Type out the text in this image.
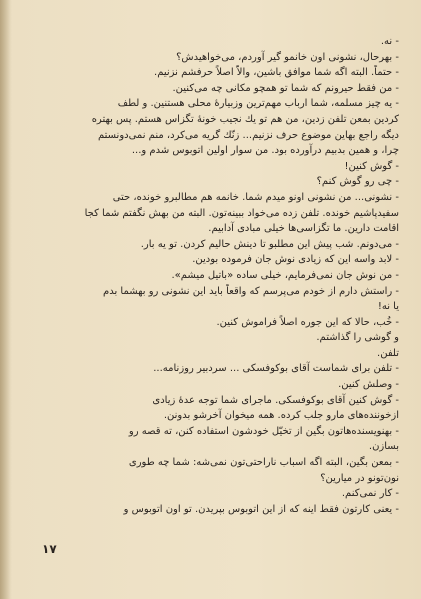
- نه.
- بهرحال، نشونی اون خانمو گیر آوردم، می‌خواهیدش؟
- حتماً. البته اگه شما موافق باشین، والاّ اصلاً حرفشم نزنیم.
- من فقط حیرونم که شما تو همچو مکانی چه می‌کنین.
- یه چیز مسلمه، شما ارباب مهم‌ترین وزبیارهٔ محلی هستنین. و لطف
کردین بمعن تلفن زدین، من هم تو یك نجیب خونهٔ تگزاس هستم. پس بهتره
دیگه راجع بهاین موضوع حرف نزنیم... زنّك گریه می‌کرد، منم نمی‌دونستم
چرا، و همین بدبیم درآورده بود. من سوار اولین اتوبوس شدم و...
- گوش کنین!
- چی رو گوش کنم؟
- نشونی... من نشونی اونو میدم شما. خانمه هم مطالبرو خونده، حتی
سفیدپاشیم خونده. تلفن زده می‌خواد ببینه‌تون. البته من بهش نگفتم شما کجا
اقامت دارین. ما تگزاسی‌ها خیلی مبادی آدابیم.
- می‌دونم. شب پیش این مطلبو تا دینش حالیم کردن. تو یه بار.
- لابد واسه این که زیادی نوش جان فرموده بودین.
- من نوش جان نمی‌فرمایم، خیلی ساده «باتیل میشم».
- راستش دارم از خودم می‌پرسم که واقعاً باید این نشونی رو بهشما بدم
یا نه!
- خُب، حالا که این جوره اصلاً فراموش کنین.
و گوشی را گذاشتم.
تلفن.
- تلفن برای شماست آقای بوکوفسکی ... سردبیر روزنامه...
- وصلش کنین.
- گوش کنین آقای بوکوفسکی. ماجرای شما توجه عدهٔ زیادی
ازخوننده‌های مارو جلب کرده. همه میخوان آخرشو بدونن.
- بهنویسنده‌هاتون بگین از تخیّل خودشون استفاده کنن، ته قصه رو
بسازن.
- بمعن بگین، البته اگه اسباب ناراحتی‌تون نمی‌شه: شما چه طوری
نون‌تونو در میارین؟
- کار نمی‌کنم.
- یعنی کارتون فقط اینه که از این اتوبوس بپریدن. تو اون اتوبوس و
۱۷
